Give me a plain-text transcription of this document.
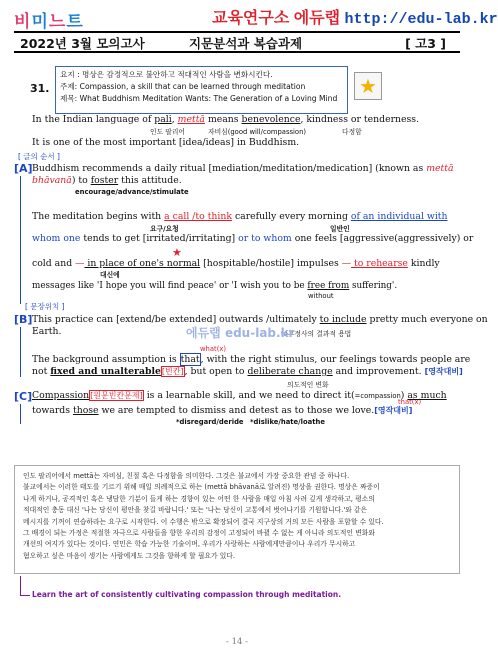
비미느트	교육연구소 에듀랩 http://edu-lab.kr
2022년 3월 모의고사	지문분석과 복습과제	[ 고3 ]
31.
요지 : 명상은 감정적으로 불안하고 적대적인 사람을 변화시킨다.
주제: Compassion, a skill that can be learned through meditation
제목: What Buddhism Meditation Wants: The Generation of a Loving Mind
★
In the Indian language of pali, mettā means benevolence, kindness or tenderness.
인도 팔리어	자비심(good will/compassion)	다정함
It is one of the most important [idea/ideas] in Buddhism.
[ 글의 순서 ]
[A] Buddhism recommends a daily ritual [mediation/meditation/medication] (known as mettā
bhāvanā) to foster this attitude.
encourage/advance/stimulate
The meditation begins with a call /to think carefully every morning of an individual with
요구/요청	일반인
whom one tends to get [irritated/irritating] or to whom one feels [aggressive(aggressively) or
★
cold and — in place of one's normal [hospitable/hostile] impulses — to rehearse kindly
대신에
messages like 'I hope you will find peace' or 'I wish you to be free from suffering'.
without
[ 문장위치 ]
[B] This practice can [extend/be extended] outwards /ultimately to include pretty much everyone on
Earth.	to부정사의 결과적 용법
에듀랩 edu-lab.kr
what(x)
The background assumption is that, with the right stimulus, our feelings towards people are
not fixed and unalterable[빈칸], but open to deliberate change and improvement. [영작대비]
의도적인 변화
[C]	that(x)
Compassion[원문빈칸문제] is a learnable skill, and we need to direct it(=compassion) as much
towards those we are tempted to dismiss and detest as to those we love.[영작대비]
*disregard/deride *dislike/hate/loathe
인도 팔리어에서 mettā는 자비심, 친절 혹은 다정함을 의미한다. 그것은 불교에서 가장 중요한 관념 중 하나다.
불교에서는 이러한 태도를 기르기 위해 매일 의례적으로 하는 (mettā bhāvanā로 알려진) 명상을 권한다. 명상은 짜증이
나게 하거나, 공격적인 혹은 냉담한 기분이 들게 하는 경향이 있는 어떤 한 사람을 매일 아침 사려 깊게 생각하고, 평소의
적대적인 충동 대신 '나는 당신이 평안을 찾길 바랍니다.' 또는 '나는 당신이 고통에서 벗어나기를 기원합니다.'와 같은
메시지를 기꺼이 연습하라는 요구로 시작한다. 이 수행은 밖으로 확장되어 결국 지구상의 거의 모든 사람을 포함할 수 있다.
그 배경이 되는 가정은 적절한 자극으로 사람들을 향한 우리의 감정이 고정되어 바뀔 수 없는 게 아니라 의도적인 변화와
개선의 여지가 있다는 것이다. 연민은 학습 가능한 기술이며, 우리가 사랑하는 사람에게만큼이나 우리가 무시하고
혐오하고 싶은 마음이 생기는 사람에게도 그것을 향하게 할 필요가 있다.
Learn the art of consistently cultivating compassion through meditation.
- 14 -
